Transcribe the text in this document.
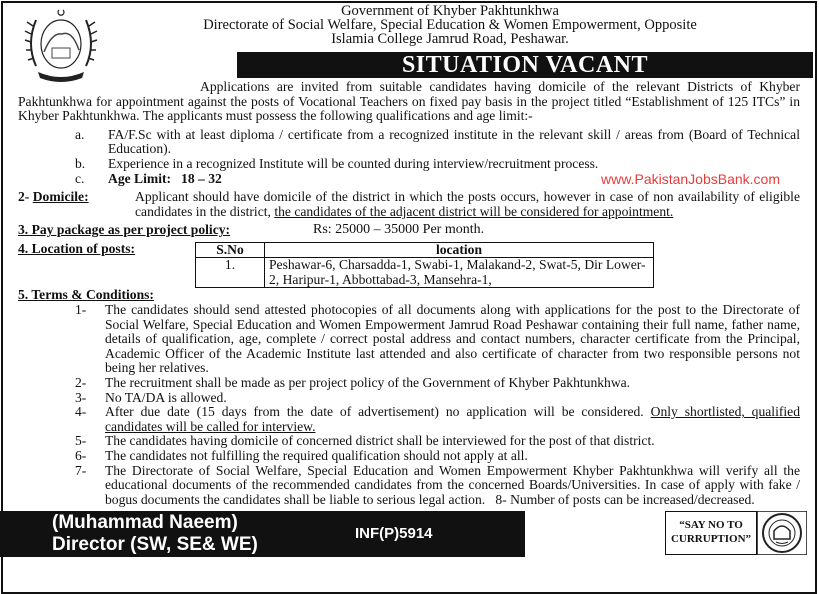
Government of Khyber Pakhtunkhwa
Directorate of Social Welfare, Special Education & Women Empowerment, Opposite
Islamia College Jamrud Road, Peshawar.
SITUATION VACANT
Applications are invited from suitable candidates having domicile of the relevant Districts of Khyber Pakhtunkhwa for appointment against the posts of Vocational Teachers on fixed pay basis in the project titled “Establishment of 125 ITCs” in Khyber Pakhtunkhwa. The applicants must possess the following qualifications and age limit:-
a.	FA/F.Sc with at least diploma / certificate from a recognized institute in the relevant skill / areas from (Board of Technical Education).
b.	Experience in a recognized Institute will be counted during interview/recruitment process.
c.	Age Limit: 18 – 32	www.PakistanJobsBank.com
2- Domicile:	Applicant should have domicile of the district in which the posts occurs, however in case of non availability of eligible candidates in the district, the candidates of the adjacent district will be considered for appointment.
3. Pay package as per project policy:	Rs: 25000 – 35000 Per month.
4. Location of posts:	S.No	location
1.	Peshawar-6, Charsadda-1, Swabi-1, Malakand-2, Swat-5, Dir Lower-2, Haripur-1, Abbottabad-3, Mansehra-1,
5. Terms & Conditions:
1-	The candidates should send attested photocopies of all documents along with applications for the post to the Directorate of Social Welfare, Special Education and Women Empowerment Jamrud Road Peshawar containing their full name, father name, details of qualification, age, complete / correct postal address and contact numbers, character certificate from the Principal, Academic Officer of the Academic Institute last attended and also certificate of character from two responsible persons not being her relatives.
2-	The recruitment shall be made as per project policy of the Government of Khyber Pakhtunkhwa.
3-	No TA/DA is allowed.
4-	After due date (15 days from the date of advertisement) no application will be considered. Only shortlisted, qualified candidates will be called for interview.
5-	The candidates having domicile of concerned district shall be interviewed for the post of that district.
6-	The candidates not fulfilling the required qualification should not apply at all.
7-	The Directorate of Social Welfare, Special Education and Women Empowerment Khyber Pakhtunkhwa will verify all the educational documents of the recommended candidates from the concerned Boards/Universities. In case of apply with fake / bogus documents the candidates shall be liable to serious legal action. 8- Number of posts can be increased/decreased.
(Muhammad Naeem)
Director (SW, SE& WE)
INF(P)5914	“SAY NO TO
CURRUPTION”
